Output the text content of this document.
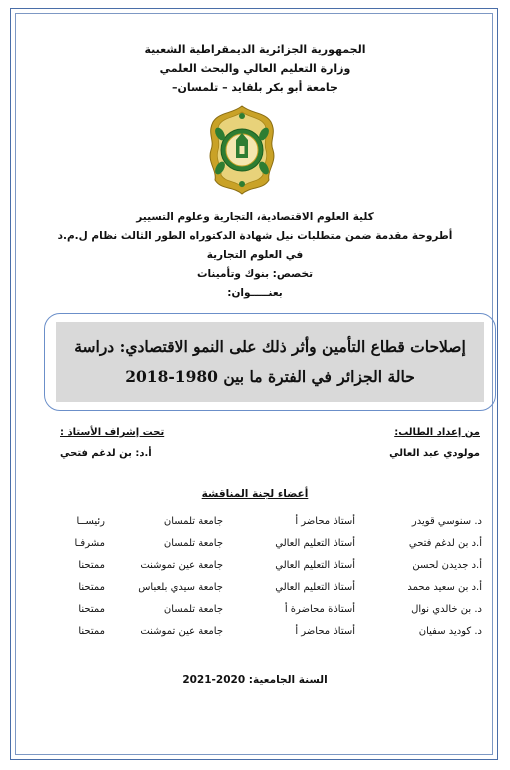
الجمهورية الجزائرية الديمقراطية الشعبية
وزارة التعليم العالي والبحث العلمي
جامعة أبو بكر بلقايد – تلمسان–
كلية العلوم الاقتصادية، التجارية وعلوم التسيير
أطروحة مقدمة ضمن متطلبات نيل شهادة الدكتوراه الطور الثالث نظام ل.م.د
في العلوم التجارية
تخصص: بنوك وتأمينات
بعنـــــوان:
إصلاحات قطاع التأمين وأثر ذلك على النمو الاقتصادي: دراسة
حالة الجزائر في الفترة ما بين 1980-2018
من إعداد الطالب:
مولودي عبد العالي
تحت إشراف الأستاذ :
أ.د: بن لدغم فتحي
أعضاء لجنة المناقشة
د. سنوسي قويدر
أستاذ محاضر أ
جامعة تلمسان
رئيســا
أ.د بن لدغم فتحي
أستاذ التعليم العالي
جامعة تلمسان
مشرفـا
أ.د جديدن لحسن
أستاذ التعليم العالي
جامعة عين تموشنت
ممتحنا
أ.د بن سعيد محمد
أستاذ التعليم العالي
جامعة سيدي بلعباس
ممتحنا
د. بن خالدي نوال
أستاذة محاضرة أ
جامعة تلمسان
ممتحنا
د. كوديد سفيان
أستاذ محاضر أ
جامعة عين تموشنت
ممتحنا
السنة الجامعية: 2020-2021
